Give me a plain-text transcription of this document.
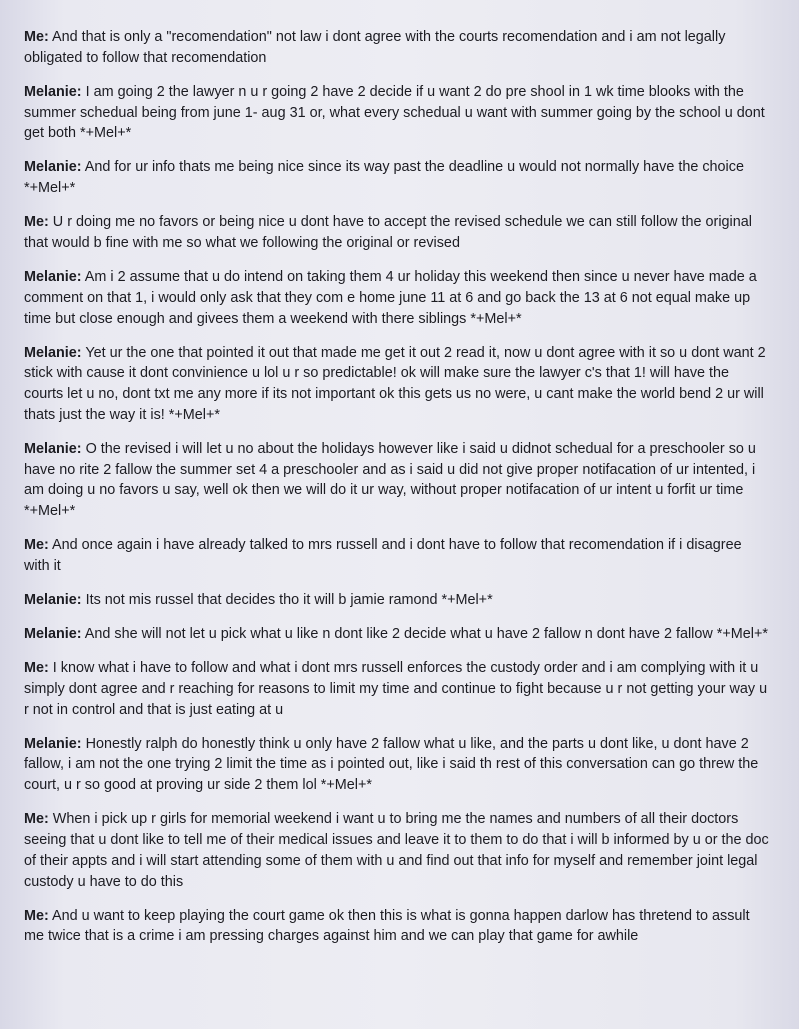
Me: And that is only a "recomendation" not law i dont agree with the courts recomendation and i am not legally obligated to follow that recomendation

Melanie: I am going 2 the lawyer n u r going 2 have 2 decide if u want 2 do pre shool in 1 wk time blooks with the summer schedual being from june 1- aug 31 or, what every schedual u want with summer going by the school u dont get both *+Mel+*

Melanie: And for ur info thats me being nice since its way past the deadline u would not normally have the choice *+Mel+*

Me: U r doing me no favors or being nice u dont have to accept the revised schedule we can still follow the original that would b fine with me so what we following the original or revised

Melanie: Am i 2 assume that u do intend on taking them 4 ur holiday this weekend then since u never have made a comment on that 1, i would only ask that they com e home june 11 at 6 and go back the 13 at 6 not equal make up time but close enough and givees them a weekend with there siblings *+Mel+*

Melanie: Yet ur the one that pointed it out that made me get it out 2 read it, now u dont agree with it so u dont want 2 stick with cause it dont convinience u lol u r so predictable! ok will make sure the lawyer c's that 1! will have the courts let u no, dont txt me any more if its not important ok this gets us no were, u cant make the world bend 2 ur will thats just the way it is! *+Mel+*

Melanie: O the revised i will let u no about the holidays however like i said u didnot schedual for a preschooler so u have no rite 2 fallow the summer set 4 a preschooler and as i said u did not give proper notifacation of ur intented, i am doing u no favors u say, well ok then we will do it ur way, without proper notifacation of ur intent u forfit ur time *+Mel+*

Me: And once again i have already talked to mrs russell and i dont have to follow that recomendation if i disagree with it

Melanie: Its not mis russel that decides tho it will b jamie ramond *+Mel+*

Melanie: And she will not let u pick what u like n dont like 2 decide what u have 2 fallow n dont have 2 fallow *+Mel+*

Me: I know what i have to follow and what i dont mrs russell enforces the custody order and i am complying with it u simply dont agree and r reaching for reasons to limit my time and continue to fight because u r not getting your way u r not in control and that is just eating at u

Melanie: Honestly ralph do honestly think u only have 2 fallow what u like, and the parts u dont like, u dont have 2 fallow, i am not the one trying 2 limit the time as i pointed out, like i said th rest of this conversation can go threw the court, u r so good at proving ur side 2 them lol *+Mel+*

Me: When i pick up r girls for memorial weekend i want u to bring me the names and numbers of all their doctors seeing that u dont like to tell me of their medical issues and leave it to them to do that i will b informed by u or the doc of their appts and i will start attending some of them with u and find out that info for myself and remember joint legal custody u have to do this

Me: And u want to keep playing the court game ok then this is what is gonna happen darlow has thretend to assult me twice that is a crime i am pressing charges against him and we can play that game for awhile
